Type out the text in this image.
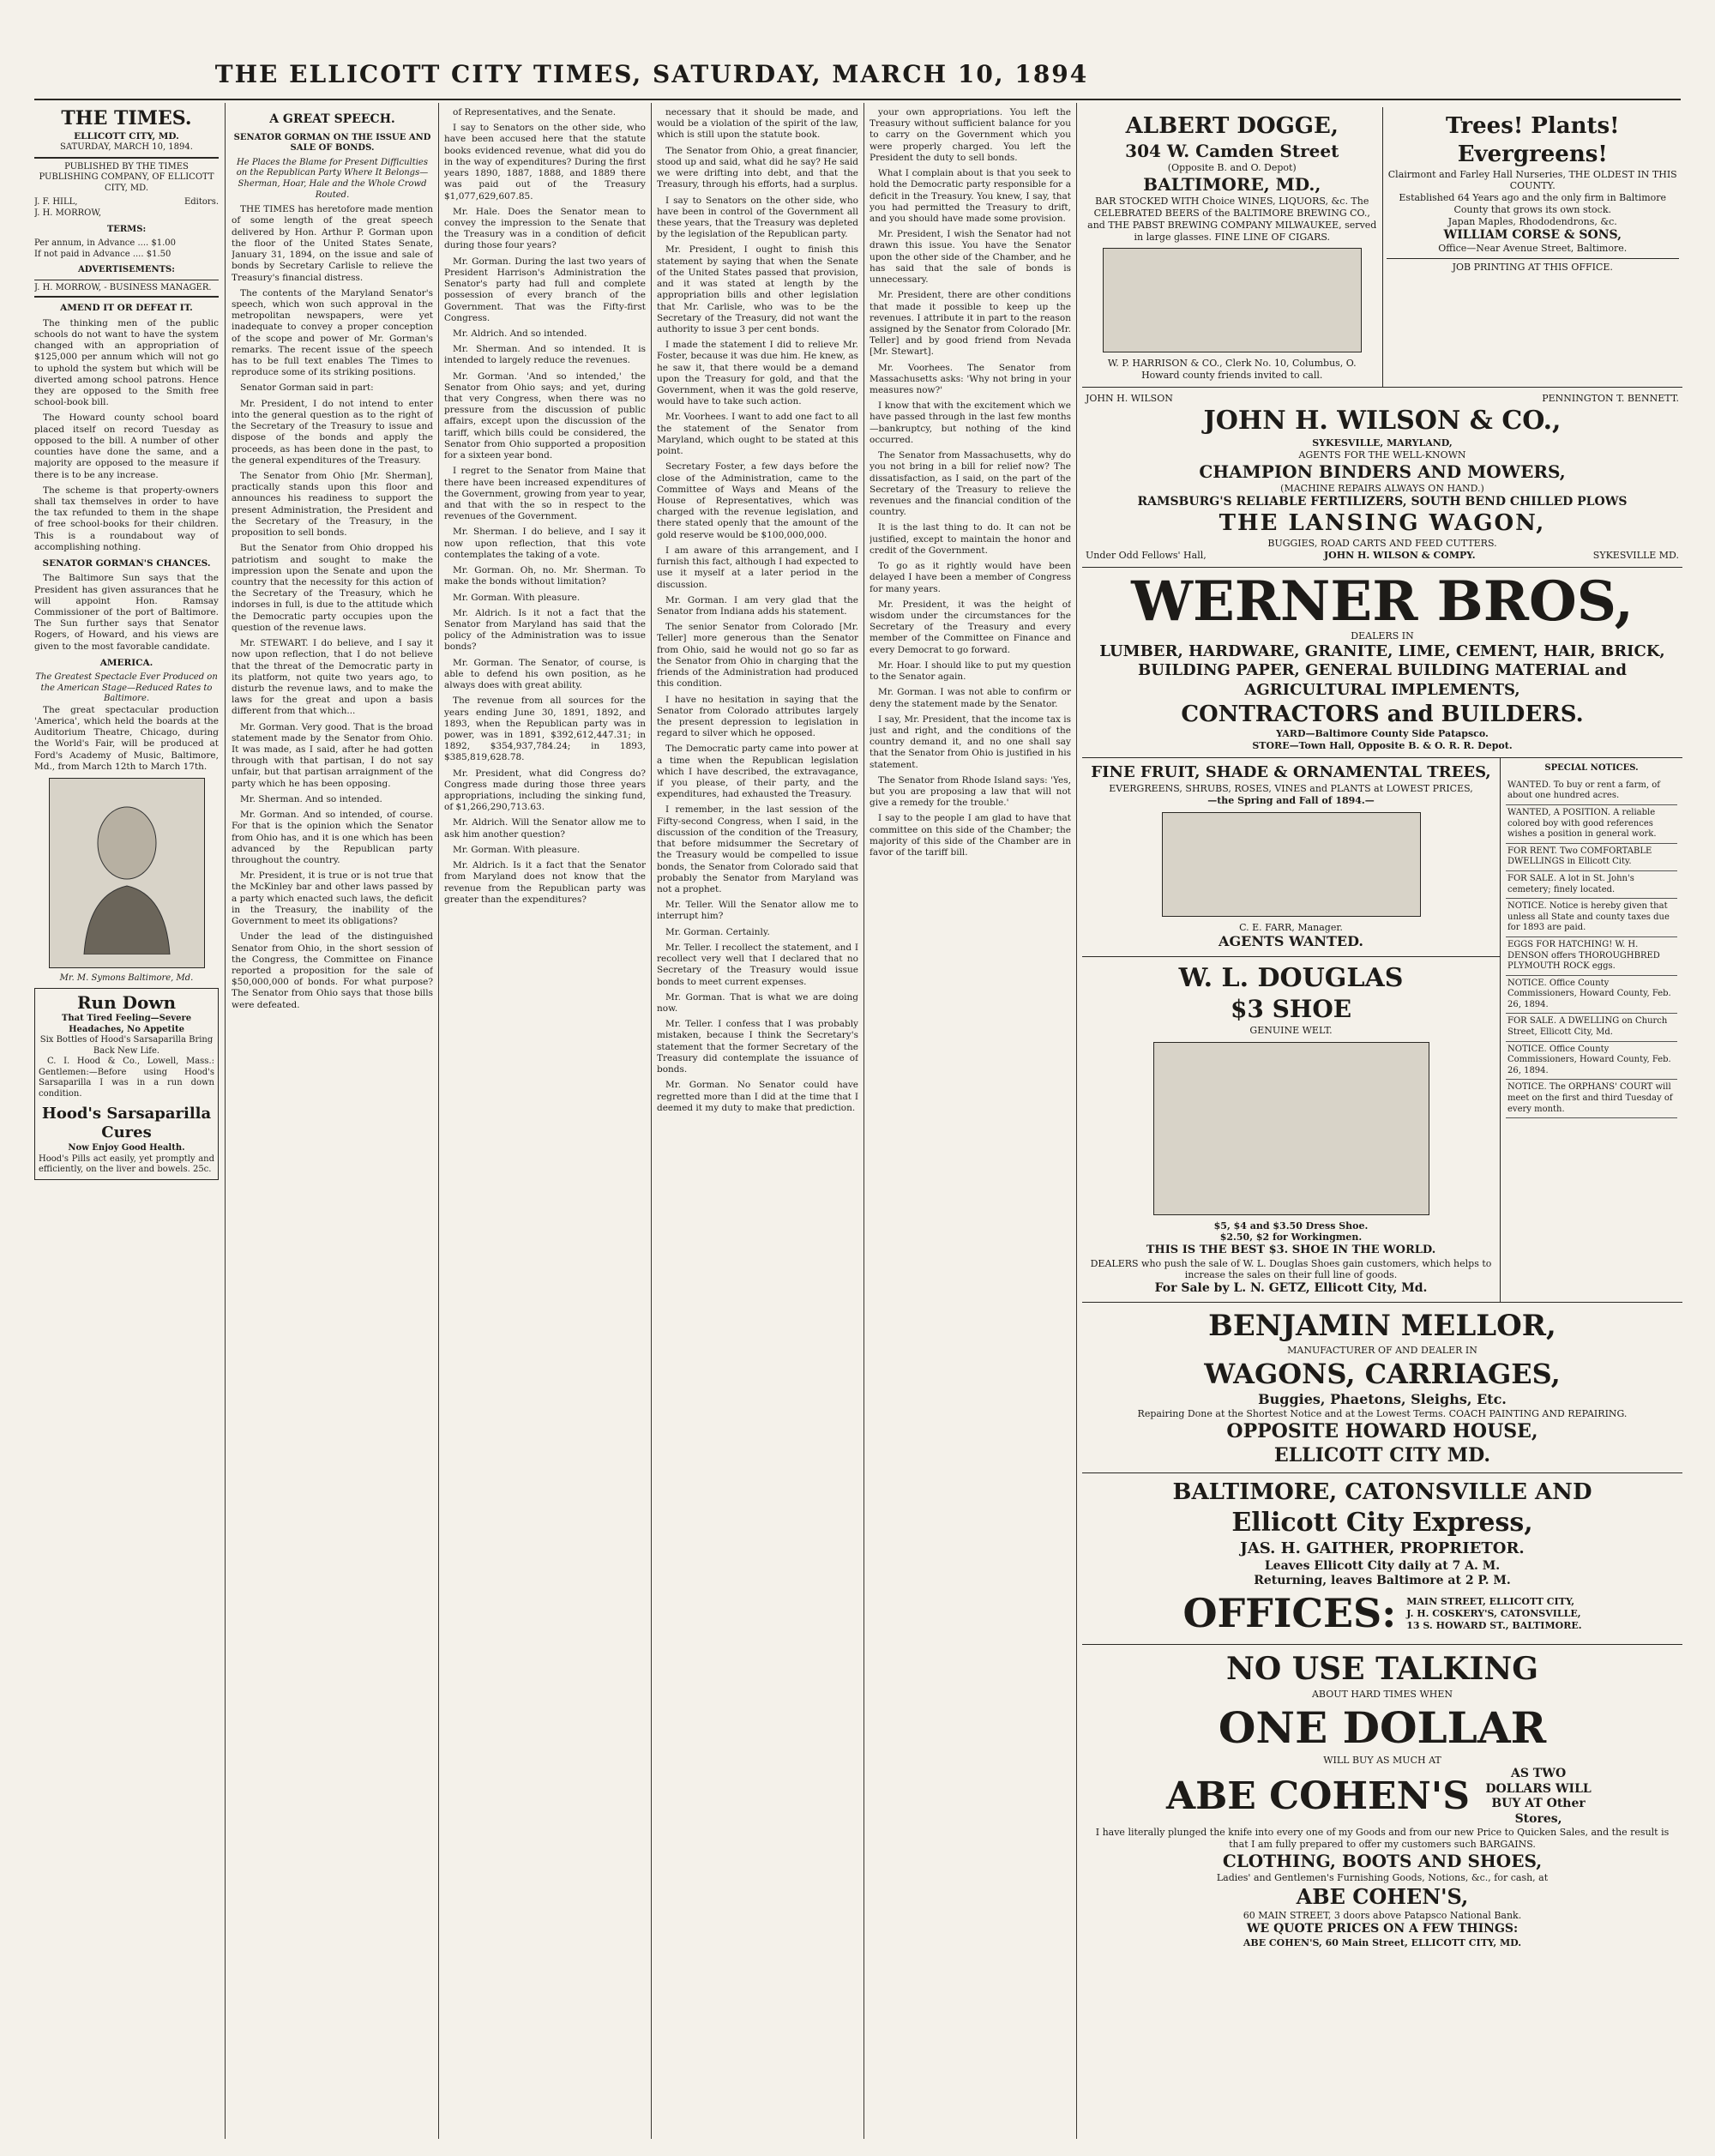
THE ELLICOTT CITY TIMES, SATURDAY, MARCH 10, 1894
THE TIMES.
ELLICOTT CITY, MD.
SATURDAY, MARCH 10, 1894.
PUBLISHED BY THE TIMES PUBLISHING COMPANY, OF ELLICOTT CITY, MD.
J. F. HILL,
J. H. MORROW,
Editors.
TERMS:
Per annum, in Advance .... $1.00
If not paid in Advance .... $1.50
ADVERTISEMENTS:
J. H. MORROW, - BUSINESS MANAGER.
AMEND IT OR DEFEAT IT.

The thinking men of the public schools do not want to have the system changed with an appropriation of $125,000 per annum which will not go to uphold the system but which will be diverted among school patrons. Hence they are opposed to the Smith free school-book bill.

The Howard county school board placed itself on record Tuesday as opposed to the bill. A number of other counties have done the same, and a majority are opposed to the measure if there is to be any increase.

The scheme is that property-owners shall tax themselves in order to have the tax refunded to them in the shape of free school-books for their children. This is a roundabout way of accomplishing nothing.

SENATOR GORMAN'S CHANCES.

The Baltimore Sun says that the President has given assurances that he will appoint Hon. Ramsay Commissioner of the port of Baltimore. The Sun further says that Senator Rogers, of Howard, and his views are given to the most favorable candidate.

AMERICA.
The Greatest Spectacle Ever Produced on the American Stage—Reduced Rates to Baltimore.

The great spectacular production 'America', which held the boards at the Auditorium Theatre, Chicago, during the World's Fair, will be produced at Ford's Academy of Music, Baltimore, Md., from March 12th to March 17th.

Mr. M. Symons Baltimore, Md.
Run Down
That Tired Feeling—Severe Headaches, No Appetite
Six Bottles of Hood's Sarsaparilla Bring Back New Life.

C. I. Hood & Co., Lowell, Mass.: Gentlemen:—Before using Hood's Sarsaparilla I was in a run down condition.

Hood's Sarsaparilla Cures
Now Enjoy Good Health.
Hood's Pills act easily, yet promptly and efficiently, on the liver and bowels. 25c.
A GREAT SPEECH.
SENATOR GORMAN ON THE ISSUE AND SALE OF BONDS.
He Places the Blame for Present Difficulties on the Republican Party Where It Belongs—Sherman, Hoar, Hale and the Whole Crowd Routed.

THE TIMES has heretofore made mention of some length of the great speech delivered by Hon. Arthur P. Gorman upon the floor of the United States Senate, January 31, 1894, on the issue and sale of bonds by Secretary Carlisle to relieve the Treasury's financial distress.

The contents of the Maryland Senator's speech, which won such approval in the metropolitan newspapers, were yet inadequate to convey a proper conception of the scope and power of Mr. Gorman's remarks. The recent issue of the speech has to be full text enables The Times to reproduce some of its striking positions.

Senator Gorman said in part:

Mr. President, I do not intend to enter into the general question as to the right of the Secretary of the Treasury to issue and dispose of the bonds and apply the proceeds, as has been done in the past, to the general expenditures of the Treasury.

The Senator from Ohio [Mr. Sherman], practically stands upon this floor and announces his readiness to support the present Administration, the President and the Secretary of the Treasury, in the proposition to sell bonds.

But the Senator from Ohio dropped his patriotism and sought to make the impression upon the Senate and upon the country that the necessity for this action of the Secretary of the Treasury, which he indorses in full, is due to the attitude which the Democratic party occupies upon the question of the revenue laws.

Mr. STEWART. I do believe, and I say it now upon reflection, that I do not believe that the threat of the Democratic party in its platform, not quite two years ago, to disturb the revenue laws, and to make the laws for the great and upon a basis different from that which...

Mr. Gorman. Very good. That is the broad statement made by the Senator from Ohio. It was made, as I said, after he had gotten through with that partisan, I do not say unfair, but that partisan arraignment of the party which he has been opposing.

Mr. Sherman. And so intended.

Mr. Gorman. And so intended, of course. For that is the opinion which the Senator from Ohio has, and it is one which has been advanced by the Republican party throughout the country.

Mr. President, it is true or is not true that the McKinley bar and other laws passed by a party which enacted such laws, the deficit in the Treasury, the inability of the Government to meet its obligations?

Under the lead of the distinguished Senator from Ohio, in the short session of the Congress, the Committee on Finance reported a proposition for the sale of $50,000,000 of bonds. For what purpose? The Senator from Ohio says that those bills were defeated.

of Representatives, and the Senate.

I say to Senators on the other side, who have been accused here that the statute books evidenced revenue, what did you do in the way of expenditures? During the first years 1890, 1887, 1888, and 1889 there was paid out of the Treasury $1,077,629,607.85.

Mr. Hale. Does the Senator mean to convey the impression to the Senate that the Treasury was in a condition of deficit during those four years?

Mr. Gorman. During the last two years of President Harrison's Administration the Senator's party had full and complete possession of every branch of the Government. That was the Fifty-first Congress.

Mr. Aldrich. And so intended.

Mr. Sherman. And so intended. It is intended to largely reduce the revenues.

Mr. Gorman. 'And so intended,' the Senator from Ohio says; and yet, during that very Congress, when there was no pressure from the discussion of public affairs, except upon the discussion of the tariff, which bills could be considered, the Senator from Ohio supported a proposition for a sixteen year bond.

I regret to the Senator from Maine that there have been increased expenditures of the Government, growing from year to year, and that with the so in respect to the revenues of the Government.

Mr. Sherman. I do believe, and I say it now upon reflection, that this vote contemplates the taking of a vote.

Mr. Gorman. Oh, no. Mr. Sherman. To make the bonds without limitation?

Mr. Gorman. With pleasure.

Mr. Aldrich. Is it not a fact that the Senator from Maryland has said that the policy of the Administration was to issue bonds?

Mr. Gorman. The Senator, of course, is able to defend his own position, as he always does with great ability.

The revenue from all sources for the years ending June 30, 1891, 1892, and 1893, when the Republican party was in power, was in 1891, $392,612,447.31; in 1892, $354,937,784.24; in 1893, $385,819,628.78.

Mr. President, what did Congress do? Congress made during those three years appropriations, including the sinking fund, of $1,266,290,713.63.

Mr. Aldrich. Will the Senator allow me to ask him another question?

Mr. Gorman. With pleasure.

Mr. Aldrich. Is it a fact that the Senator from Maryland does not know that the revenue from the Republican party was greater than the expenditures?

necessary that it should be made, and would be a violation of the spirit of the law, which is still upon the statute book.

The Senator from Ohio, a great financier, stood up and said, what did he say? He said we were drifting into debt, and that the Treasury, through his efforts, had a surplus.

I say to Senators on the other side, who have been in control of the Government all these years, that the Treasury was depleted by the legislation of the Republican party.

Mr. President, I ought to finish this statement by saying that when the Senate of the United States passed that provision, and it was stated at length by the appropriation bills and other legislation that Mr. Carlisle, who was to be the Secretary of the Treasury, did not want the authority to issue 3 per cent bonds.

I made the statement I did to relieve Mr. Foster, because it was due him. He knew, as he saw it, that there would be a demand upon the Treasury for gold, and that the Government, when it was the gold reserve, would have to take such action.

Mr. Voorhees. I want to add one fact to all the statement of the Senator from Maryland, which ought to be stated at this point.

Secretary Foster, a few days before the close of the Administration, came to the Committee of Ways and Means of the House of Representatives, which was charged with the revenue legislation, and there stated openly that the amount of the gold reserve would be $100,000,000.

I am aware of this arrangement, and I furnish this fact, although I had expected to use it myself at a later period in the discussion.

Mr. Gorman. I am very glad that the Senator from Indiana adds his statement.

The senior Senator from Colorado [Mr. Teller] more generous than the Senator from Ohio, said he would not go so far as the Senator from Ohio in charging that the friends of the Administration had produced this condition.

I have no hesitation in saying that the Senator from Colorado attributes largely the present depression to legislation in regard to silver which he opposed.

The Democratic party came into power at a time when the Republican legislation which I have described, the extravagance, if you please, of their party, and the expenditures, had exhausted the Treasury.

I remember, in the last session of the Fifty-second Congress, when I said, in the discussion of the condition of the Treasury, that before midsummer the Secretary of the Treasury would be compelled to issue bonds, the Senator from Colorado said that probably the Senator from Maryland was not a prophet.

Mr. Teller. Will the Senator allow me to interrupt him?

Mr. Gorman. Certainly.

Mr. Teller. I recollect the statement, and I recollect very well that I declared that no Secretary of the Treasury would issue bonds to meet current expenses.

Mr. Gorman. That is what we are doing now.

Mr. Teller. I confess that I was probably mistaken, because I think the Secretary's statement that the former Secretary of the Treasury did contemplate the issuance of bonds.

Mr. Gorman. No Senator could have regretted more than I did at the time that I deemed it my duty to make that prediction.

your own appropriations. You left the Treasury without sufficient balance for you to carry on the Government which you were properly charged. You left the President the duty to sell bonds.

What I complain about is that you seek to hold the Democratic party responsible for a deficit in the Treasury. You knew, I say, that you had permitted the Treasury to drift, and you should have made some provision.

Mr. President, I wish the Senator had not drawn this issue. You have the Senator upon the other side of the Chamber, and he has said that the sale of bonds is unnecessary.

Mr. President, there are other conditions that made it possible to keep up the revenues. I attribute it in part to the reason assigned by the Senator from Colorado [Mr. Teller] and by good friend from Nevada [Mr. Stewart].

Mr. Voorhees. The Senator from Massachusetts asks: 'Why not bring in your measures now?'

I know that with the excitement which we have passed through in the last few months—bankruptcy, but nothing of the kind occurred.

The Senator from Massachusetts, why do you not bring in a bill for relief now? The dissatisfaction, as I said, on the part of the Secretary of the Treasury to relieve the revenues and the financial condition of the country.

It is the last thing to do. It can not be justified, except to maintain the honor and credit of the Government.

To go as it rightly would have been delayed I have been a member of Congress for many years.

Mr. President, it was the height of wisdom under the circumstances for the Secretary of the Treasury and every member of the Committee on Finance and every Democrat to go forward.

Mr. Hoar. I should like to put my question to the Senator again.

Mr. Gorman. I was not able to confirm or deny the statement made by the Senator.

I say, Mr. President, that the income tax is just and right, and the conditions of the country demand it, and no one shall say that the Senator from Ohio is justified in his statement.

The Senator from Rhode Island says: 'Yes, but you are proposing a law that will not give a remedy for the trouble.'

I say to the people I am glad to have that committee on this side of the Chamber; the majority of this side of the Chamber are in favor of the tariff bill.

ALBERT DOGGE,
304 W. Camden Street
(Opposite B. and O. Depot)
BALTIMORE, MD.,
BAR STOCKED WITH Choice WINES, LIQUORS, &c. The CELEBRATED BEERS of the BALTIMORE BREWING CO., and THE PABST BREWING COMPANY MILWAUKEE, served in large glasses. FINE LINE OF CIGARS.
W. P. HARRISON & CO., Clerk No. 10, Columbus, O.
Howard county friends invited to call.
Trees! Plants! Evergreens!
Clairmont and Farley Hall Nurseries, THE OLDEST IN THIS COUNTY.
Established 64 Years ago and the only firm in Baltimore County that grows its own stock.
Japan Maples, Rhododendrons, &c.
WILLIAM CORSE & SONS,
Office—Near Avenue Street, Baltimore.
JOB PRINTING AT THIS OFFICE.
JOHN H. WILSON	PENNINGTON T. BENNETT.
JOHN H. WILSON & CO.,
SYKESVILLE, MARYLAND,
AGENTS FOR THE WELL-KNOWN
CHAMPION BINDERS AND MOWERS,
(MACHINE REPAIRS ALWAYS ON HAND.)
RAMSBURG'S RELIABLE FERTILIZERS, SOUTH BEND CHILLED PLOWS
THE LANSING WAGON,
BUGGIES, ROAD CARTS AND FEED CUTTERS.
Under Odd Fellows' Hall,	JOHN H. WILSON & COMPY.	SYKESVILLE MD.
WERNER BROS,
DEALERS IN
LUMBER, HARDWARE, GRANITE, LIME, CEMENT, HAIR, BRICK, BUILDING PAPER, GENERAL BUILDING MATERIAL and AGRICULTURAL IMPLEMENTS,
CONTRACTORS and BUILDERS.
YARD—Baltimore County Side Patapsco.
STORE—Town Hall, Opposite B. & O. R. R. Depot.
FINE FRUIT, SHADE & ORNAMENTAL TREES,
EVERGREENS, SHRUBS, ROSES, VINES and PLANTS at LOWEST PRICES,
—the Spring and Fall of 1894.—
C. E. FARR, Manager.
AGENTS WANTED.
W. L. DOUGLAS
$3 SHOE
GENUINE WELT.
$5, $4 and $3.50 Dress Shoe.
$2.50, $2 for Workingmen.
THIS IS THE BEST $3. SHOE IN THE WORLD.
DEALERS who push the sale of W. L. Douglas Shoes gain customers, which helps to increase the sales on their full line of goods.
For Sale by L. N. GETZ, Ellicott City, Md.
SPECIAL NOTICES.
WANTED. To buy or rent a farm, of about one hundred acres.
WANTED, A POSITION. A reliable colored boy with good references wishes a position in general work.
FOR RENT. Two COMFORTABLE DWELLINGS in Ellicott City.
FOR SALE. A lot in St. John's cemetery; finely located.
NOTICE. Notice is hereby given that unless all State and county taxes due for 1893 are paid.
EGGS FOR HATCHING! W. H. DENSON offers THOROUGHBRED PLYMOUTH ROCK eggs.
NOTICE. Office County Commissioners, Howard County, Feb. 26, 1894.
FOR SALE. A DWELLING on Church Street, Ellicott City, Md.
NOTICE. Office County Commissioners, Howard County, Feb. 26, 1894.
NOTICE. The ORPHANS' COURT will meet on the first and third Tuesday of every month.
BENJAMIN MELLOR,
MANUFACTURER OF AND DEALER IN
WAGONS, CARRIAGES,
Buggies, Phaetons, Sleighs, Etc.
Repairing Done at the Shortest Notice and at the Lowest Terms. COACH PAINTING AND REPAIRING.
OPPOSITE HOWARD HOUSE,
ELLICOTT CITY MD.
BALTIMORE, CATONSVILLE AND
Ellicott City Express,
JAS. H. GAITHER, PROPRIETOR.
Leaves Ellicott City daily at 7 A. M.
Returning, leaves Baltimore at 2 P. M.
OFFICES: MAIN STREET, ELLICOTT CITY,
J. H. COSKERY'S, CATONSVILLE,
13 S. HOWARD ST., BALTIMORE.
NO USE TALKING
ABOUT HARD TIMES WHEN
ONE DOLLAR
WILL BUY AS MUCH AT
ABE COHEN'S
AS TWO DOLLARS WILL BUY AT Other Stores,
I have literally plunged the knife into every one of my Goods and from our new Price to Quicken Sales, and the result is that I am fully prepared to offer my customers such BARGAINS.
CLOTHING, BOOTS AND SHOES,
Ladies' and Gentlemen's Furnishing Goods, Notions, &c., for cash, at
ABE COHEN'S,
60 MAIN STREET, 3 doors above Patapsco National Bank.
WE QUOTE PRICES ON A FEW THINGS:
ABE COHEN'S, 60 Main Street, ELLICOTT CITY, MD.
